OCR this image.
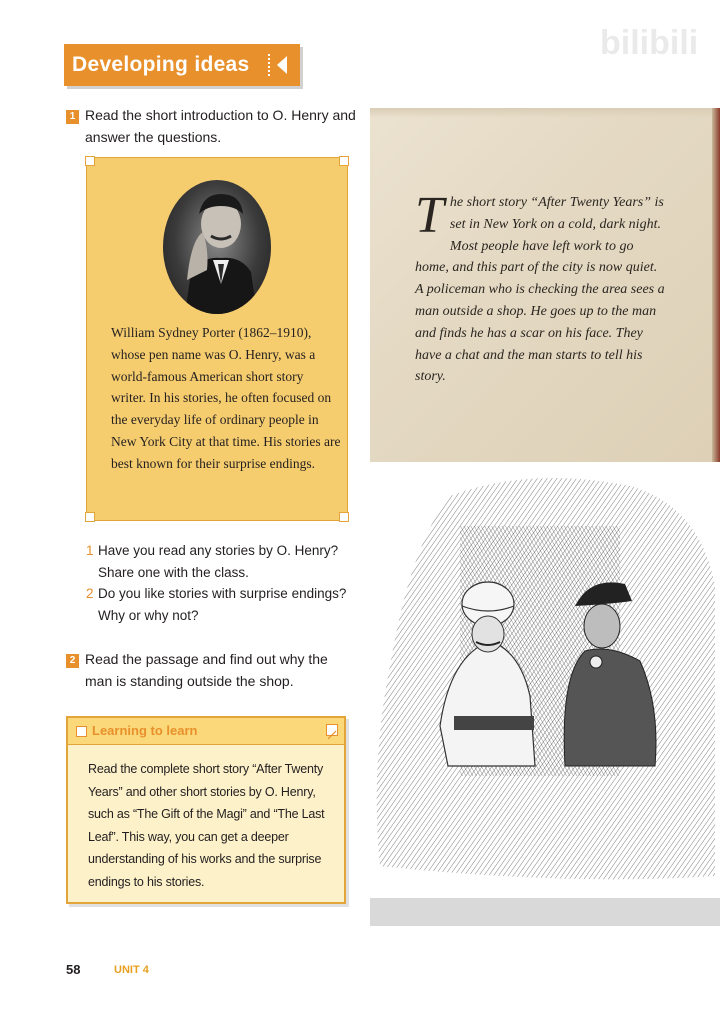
Developing ideas
bilibili
1 Read the short introduction to O. Henry and answer the questions.
William Sydney Porter (1862–1910), whose pen name was O. Henry, was a world-famous American short story writer. In his stories, he often focused on the everyday life of ordinary people in New York City at that time. His stories are best known for their surprise endings.
1 Have you read any stories by O. Henry? Share one with the class.
2 Do you like stories with surprise endings? Why or why not?
2 Read the passage and find out why the man is standing outside the shop.
Learning to learn
Read the complete short story “After Twenty Years” and other short stories by O. Henry, such as “The Gift of the Magi” and “The Last Leaf”. This way, you can get a deeper understanding of his works and the surprise endings to his stories.
The short story “After Twenty Years” is set in New York on a cold, dark night. Most people have left work to go home, and this part of the city is now quiet. A policeman who is checking the area sees a man outside a shop. He goes up to the man and finds he has a scar on his face. They have a chat and the man starts to tell his story.
58	UNIT 4
